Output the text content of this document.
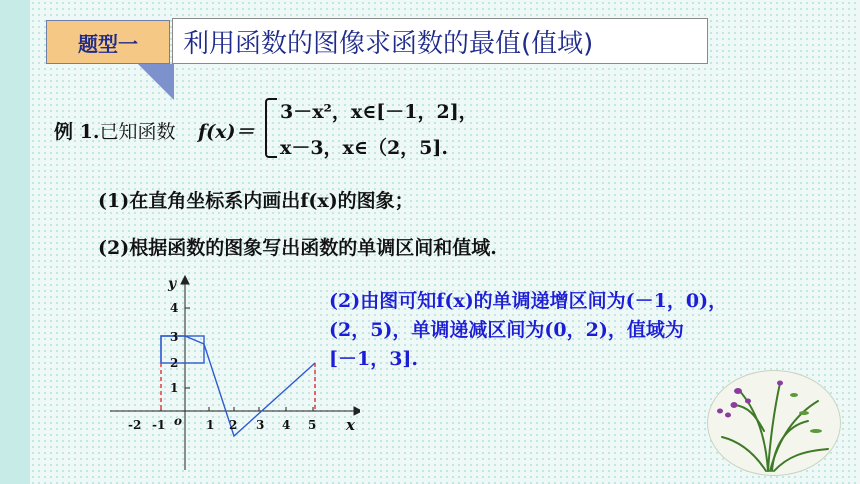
题型一	利用函数的图像求函数的最值(值域)
例 1.已知函数 f(x)＝
3－x²，x∈[－1，2]，
x－3，x∈（2，5].
(1)在直角坐标系内画出f(x)的图象；
(2)根据函数的图象写出函数的单调区间和值域.
y
x
o
-2 -1	1 2 3 4 5
1
2
3
4	(2)由图可知f(x)的单调递增区间为(－1，0)，
(2，5)，单调递减区间为(0，2)，值域为
[－1，3].
